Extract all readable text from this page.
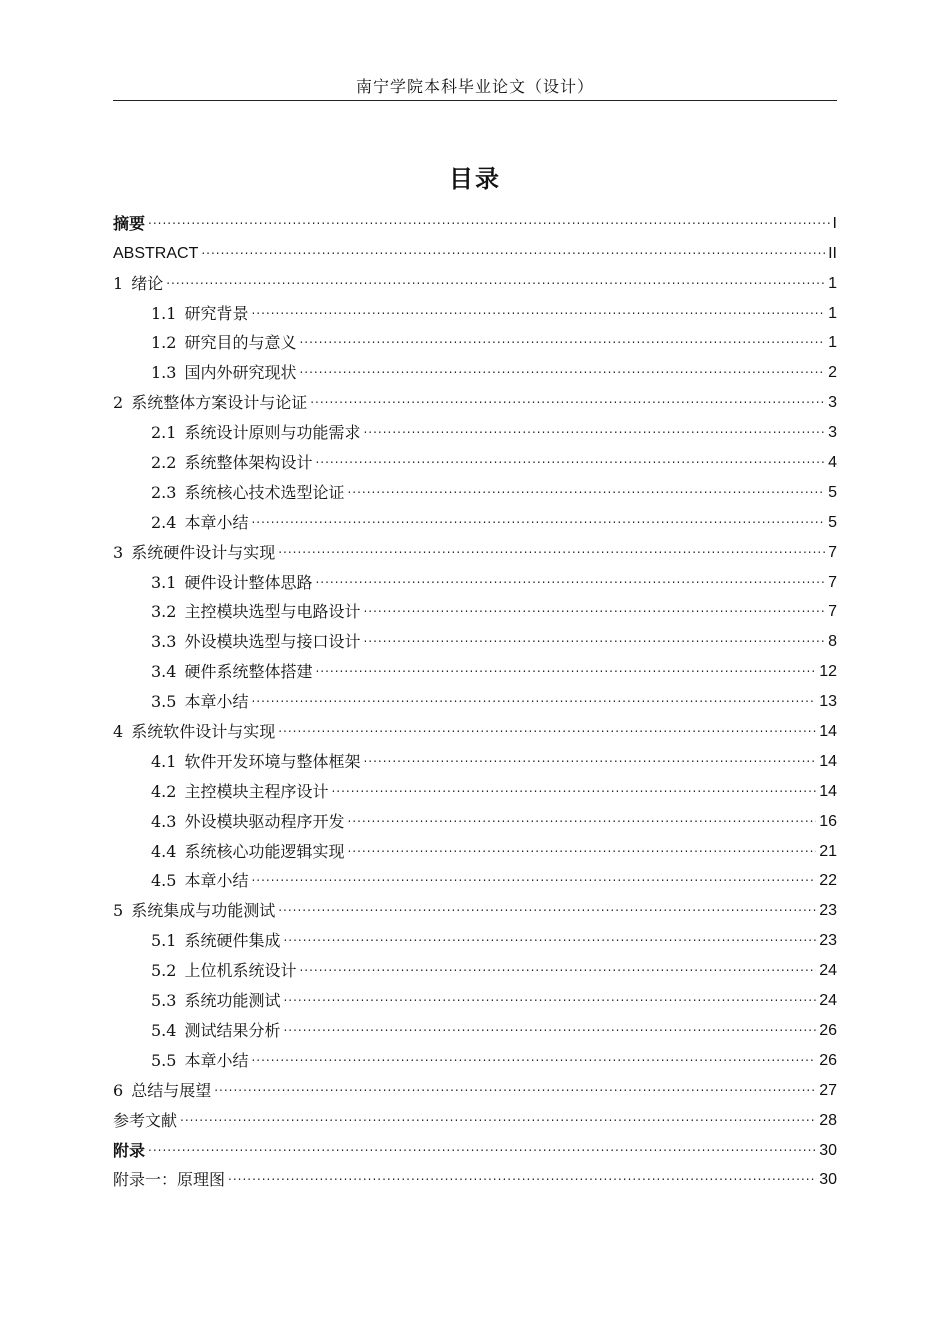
南宁学院本科毕业论文（设计）
目录
摘要 .....	I
ABSTRACT .....	II
1 绪论 .....	1
1.1 研究背景 .....	1
1.2 研究目的与意义 .....	1
1.3 国内外研究现状 .....	2
2 系统整体方案设计与论证 .....	3
2.1 系统设计原则与功能需求 .....	3
2.2 系统整体架构设计 .....	4
2.3 系统核心技术选型论证 .....	5
2.4 本章小结 .....	5
3 系统硬件设计与实现 .....	7
3.1 硬件设计整体思路 .....	7
3.2 主控模块选型与电路设计 .....	7
3.3 外设模块选型与接口设计 .....	8
3.4 硬件系统整体搭建 .....	12
3.5 本章小结 .....	13
4 系统软件设计与实现 .....	14
4.1 软件开发环境与整体框架 .....	14
4.2 主控模块主程序设计 .....	14
4.3 外设模块驱动程序开发 .....	16
4.4 系统核心功能逻辑实现 .....	21
4.5 本章小结 .....	22
5 系统集成与功能测试 .....	23
5.1 系统硬件集成 .....	23
5.2 上位机系统设计 .....	24
5.3 系统功能测试 .....	24
5.4 测试结果分析 .....	26
5.5 本章小结 .....	26
6 总结与展望 .....	27
参考文献 .....	28
附录 .....	30
附录一：原理图 .....	30
